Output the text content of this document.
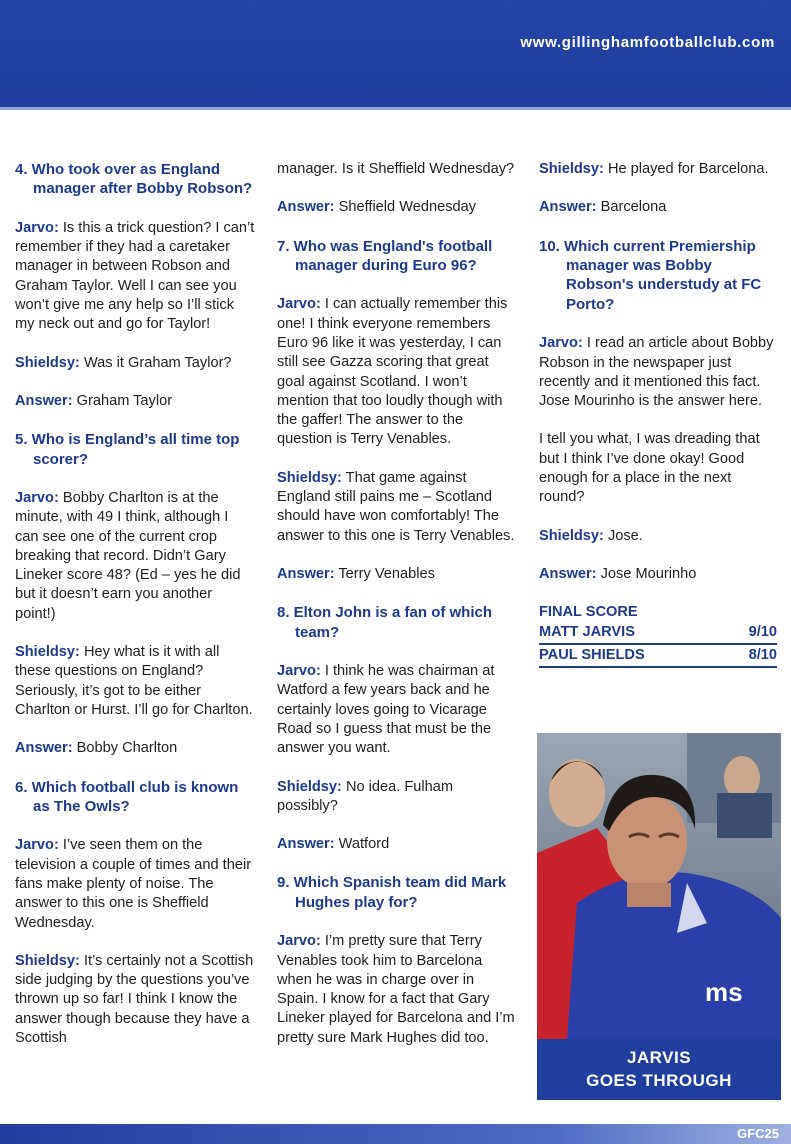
www.gillinghamfootballclub.com
4. Who took over as England manager after Bobby Robson?
Jarvo: Is this a trick question? I can’t remember if they had a caretaker manager in between Robson and Graham Taylor. Well I can see you won’t give me any help so I’ll stick my neck out and go for Taylor!
Shieldsy: Was it Graham Taylor?
Answer: Graham Taylor
5. Who is England’s all time top scorer?
Jarvo: Bobby Charlton is at the minute, with 49 I think, although I can see one of the current crop breaking that record. Didn’t Gary Lineker score 48? (Ed – yes he did but it doesn’t earn you another point!)
Shieldsy: Hey what is it with all these questions on England? Seriously, it’s got to be either Charlton or Hurst. I’ll go for Charlton.
Answer: Bobby Charlton
6. Which football club is known as The Owls?
Jarvo: I’ve seen them on the television a couple of times and their fans make plenty of noise. The answer to this one is Sheffield Wednesday.
Shieldsy: It’s certainly not a Scottish side judging by the questions you’ve thrown up so far! I think I know the answer though because they have a Scottish
manager. Is it Sheffield Wednesday?
Answer: Sheffield Wednesday
7. Who was England's football manager during Euro 96?
Jarvo: I can actually remember this one! I think everyone remembers Euro 96 like it was yesterday, I can still see Gazza scoring that great goal against Scotland. I won’t mention that too loudly though with the gaffer! The answer to the question is Terry Venables.
Shieldsy: That game against England still pains me – Scotland should have won comfortably! The answer to this one is Terry Venables.
Answer: Terry Venables
8. Elton John is a fan of which team?
Jarvo: I think he was chairman at Watford a few years back and he certainly loves going to Vicarage Road so I guess that must be the answer you want.
Shieldsy: No idea. Fulham possibly?
Answer: Watford
9. Which Spanish team did Mark Hughes play for?
Jarvo: I’m pretty sure that Terry Venables took him to Barcelona when he was in charge over in Spain. I know for a fact that Gary Lineker played for Barcelona and I’m pretty sure Mark Hughes did too.
Shieldsy: He played for Barcelona.
Answer: Barcelona
10. Which current Premiership manager was Bobby Robson's understudy at FC Porto?
Jarvo: I read an article about Bobby Robson in the newspaper just recently and it mentioned this fact. Jose Mourinho is the answer here.
I tell you what, I was dreading that but I think I’ve done okay! Good enough for a place in the next round?
Shieldsy: Jose.
Answer: Jose Mourinho
FINAL SCORE
MATT JARVIS	9/10
PAUL SHIELDS	8/10
ms
JARVIS
GOES THROUGH
GFC25
